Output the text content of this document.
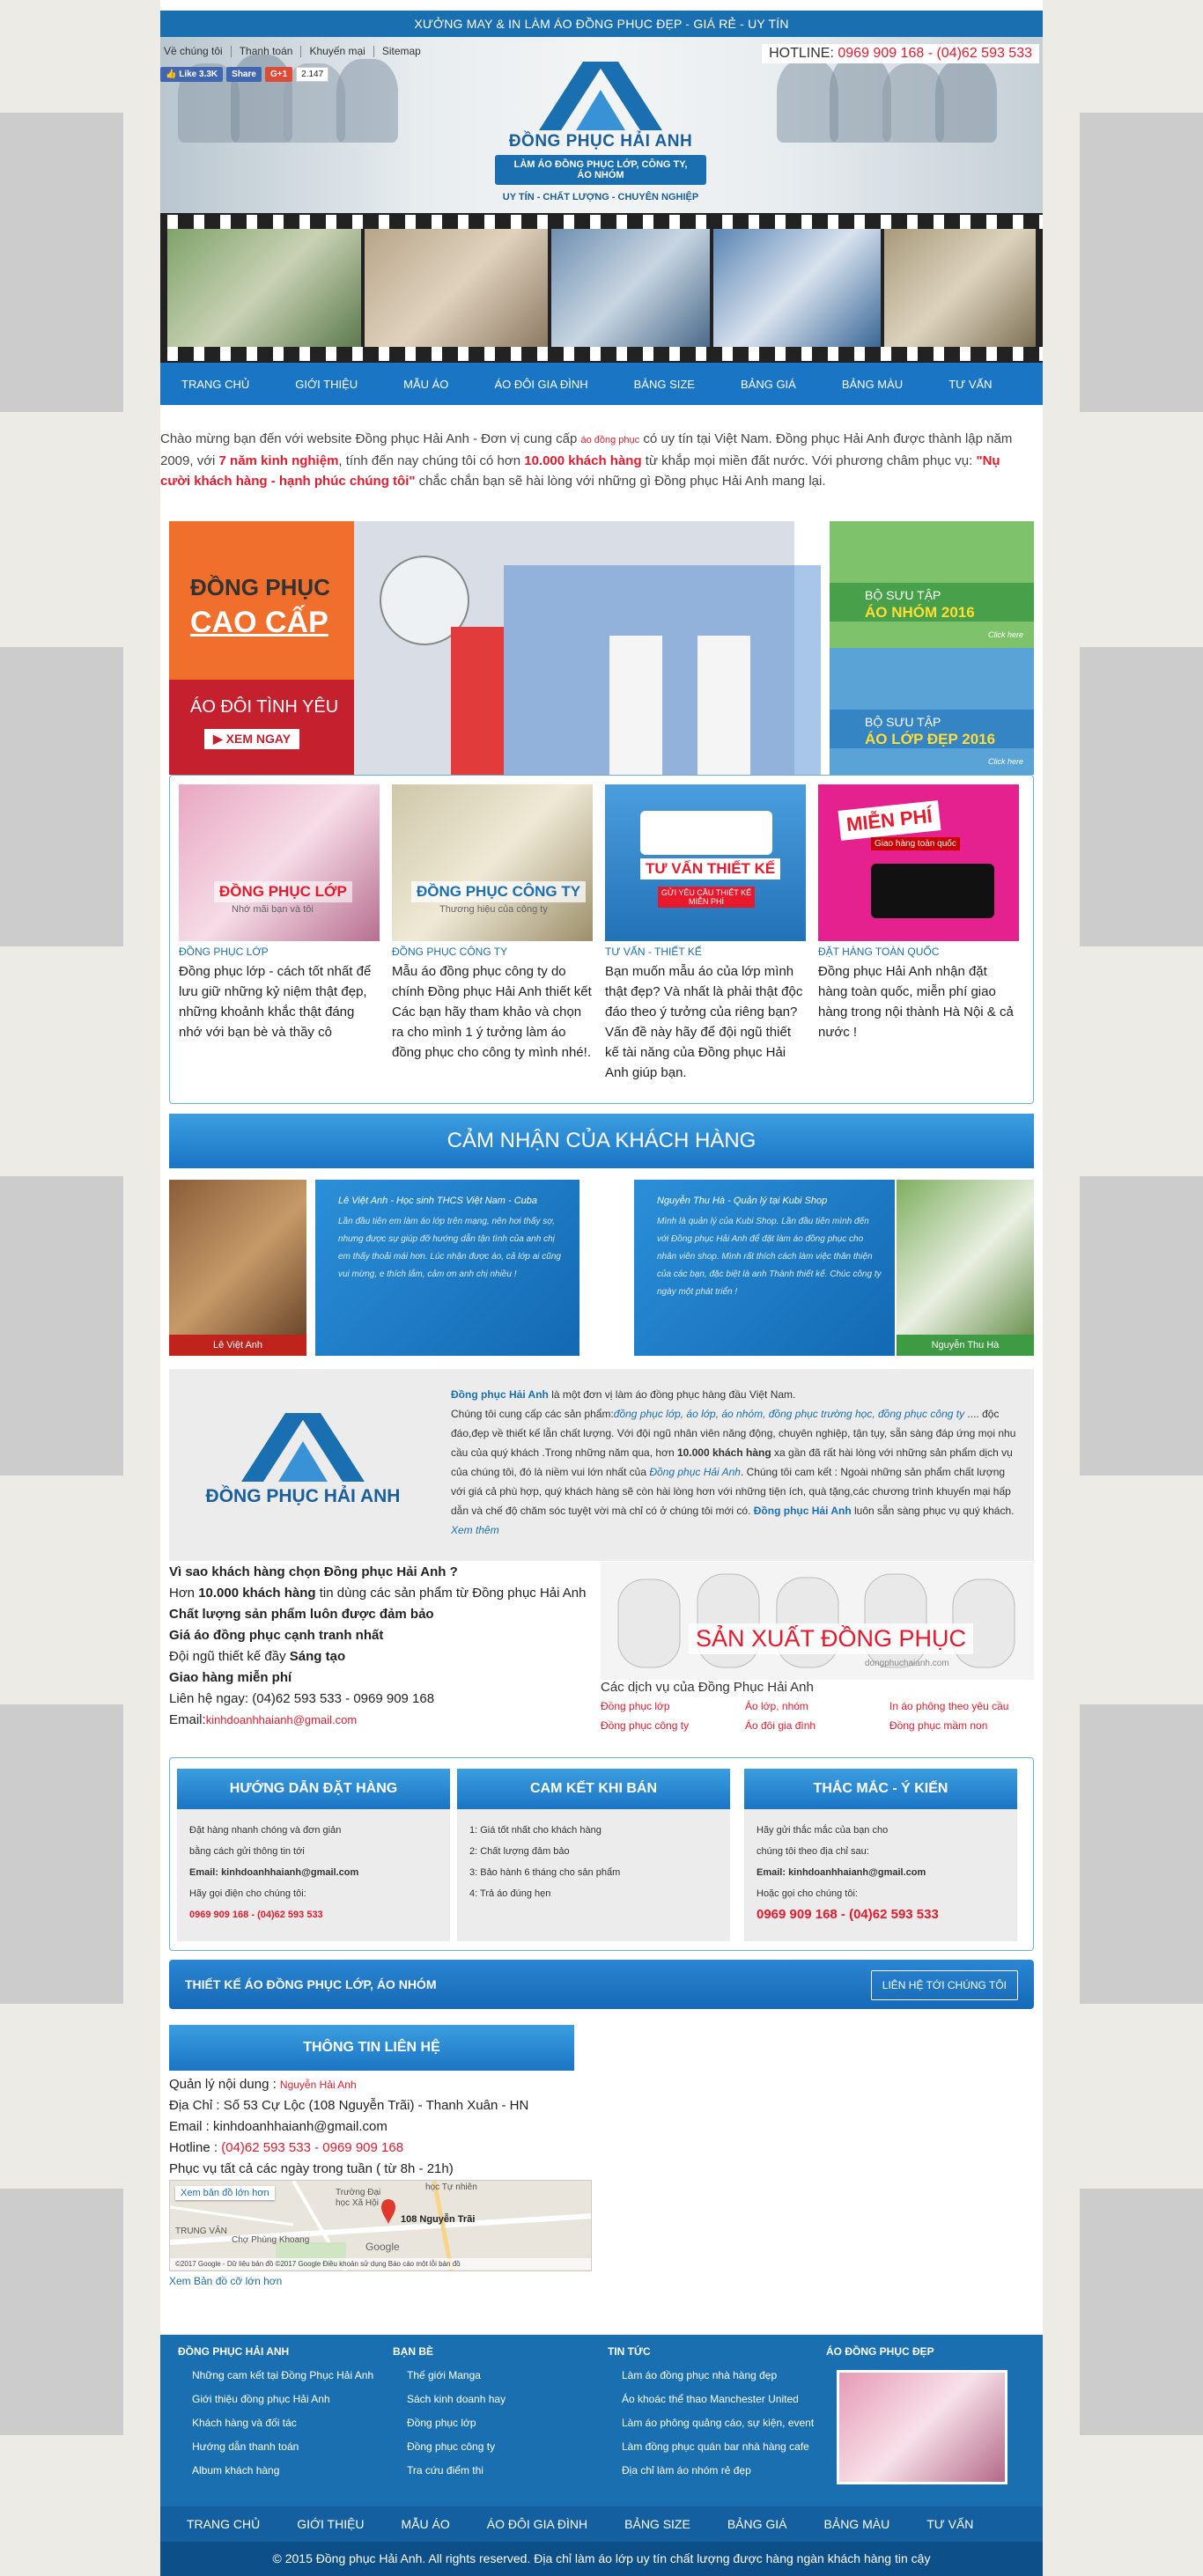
XƯỞNG MAY & IN LÀM ÁO ĐỒNG PHỤC ĐẸP - GIÁ RẺ - UY TÍN
Về chúng tôi	Thanh toán	Khuyến mại	Sitemap	HOTLINE: 0969 909 168 - (04)62 593 533
👍 Like 3.3K	Share	G+1	2.147
ĐỒNG PHỤC HẢI ANH
LÀM ÁO ĐỒNG PHỤC LỚP, CÔNG TY, ÁO NHÓM
UY TÍN - CHẤT LƯỢNG - CHUYÊN NGHIỆP
TRANG CHỦ	GIỚI THIỆU	MẪU ÁO	ÁO ĐÔI GIA ĐÌNH	BẢNG SIZE	BẢNG GIÁ	BẢNG MÀU	TƯ VẤN
Chào mừng bạn đến với website Đồng phục Hải Anh - Đơn vị cung cấp áo đồng phục có uy tín tại Việt Nam. Đồng phục Hải Anh được thành lập năm 2009, với 7 năm kinh nghiệm, tính đến nay chúng tôi có hơn 10.000 khách hàng từ khắp mọi miền đất nước. Với phương châm phục vụ: "Nụ cười khách hàng - hạnh phúc chúng tôi" chắc chắn bạn sẽ hài lòng với những gì Đồng phục Hải Anh mang lại.
ĐỒNG PHỤC
CAO CẤP
ÁO ĐÔI TÌNH YÊU
▶ XEM NGAY
BỘ SƯU TẬP
ÁO NHÓM 2016
Click here
BỘ SƯU TẬP
ÁO LỚP ĐẸP 2016
Click here
ĐỒNG PHỤC LỚP
Nhớ mãi bạn và tôi
ĐỒNG PHỤC LỚP
Đồng phục lớp - cách tốt nhất để lưu giữ những kỷ niệm thật đẹp, những khoảnh khắc thật đáng nhớ với bạn bè và thầy cô
ĐỒNG PHỤC CÔNG TY
Thương hiệu của công ty
ĐỒNG PHỤC CÔNG TY
Mẫu áo đồng phục công ty do chính Đồng phục Hải Anh thiết kết Các bạn hãy tham khảo và chọn ra cho mình 1 ý tưởng làm áo đồng phục cho công ty mình nhé!.
TƯ VẤN THIẾT KẾ
GỬI YÊU CẦU THIẾT KẾ MIỄN PHÍ
TƯ VẤN - THIẾT KẾ
Bạn muốn mẫu áo của lớp mình thật đẹp? Và nhất là phải thật độc đáo theo ý tưởng của riêng bạn? Vấn đề này hãy để đội ngũ thiết kế tài năng của Đồng phục Hải Anh giúp bạn.
MIỄN PHÍ
Giao hàng toàn quốc
ĐẶT HÀNG TOÀN QUỐC
Đồng phục Hải Anh nhận đặt hàng toàn quốc, miễn phí giao hàng trong nội thành Hà Nội & cả nước !
CẢM NHẬN CỦA KHÁCH HÀNG
Lê Việt Anh
Lê Việt Anh - Học sinh THCS Việt Nam - Cuba
Lần đầu tiên em làm áo lớp trên mạng, nên hơi thấy sợ, nhưng được sự giúp đỡ hướng dẫn tận tình của anh chị em thấy thoải mái hơn. Lúc nhận được áo, cả lớp ai cũng vui mừng, e thích lắm, cảm ơn anh chị nhiều !
Nguyễn Thu Hà - Quản lý tại Kubi Shop
Mình là quản lý của Kubi Shop. Lần đầu tiên mình đến với Đồng phục Hải Anh để đặt làm áo đồng phục cho nhân viên shop. Mình rất thích cách làm việc thân thiện của các bạn, đặc biệt là anh Thành thiết kế. Chúc công ty ngày một phát triển !
Nguyễn Thu Hà
ĐỒNG PHỤC HẢI ANH
Đồng phục Hải Anh là một đơn vị làm áo đồng phục hàng đầu Việt Nam.
Chúng tôi cung cấp các sản phẩm:đồng phục lớp, áo lớp, áo nhóm, đồng phục trường học, đồng phục công ty .... độc đáo,đẹp về thiết kế lẫn chất lượng. Với đội ngũ nhân viên năng động, chuyên nghiệp, tận tụy, sẵn sàng đáp ứng mọi nhu cầu của quý khách .Trong những năm qua, hơn 10.000 khách hàng xa gần đã rất hài lòng với những sản phẩm dịch vụ của chúng tôi, đó là niềm vui lớn nhất của Đồng phục Hải Anh. Chúng tôi cam kết : Ngoài những sản phẩm chất lượng với giá cả phù hợp, quý khách hàng sẽ còn hài lòng hơn với những tiện ích, quà tặng,các chương trình khuyến mại hấp dẫn và chế độ chăm sóc tuyệt vời mà chỉ có ở chúng tôi mới có. Đồng phục Hải Anh luôn sẵn sàng phục vụ quý khách. Xem thêm
Vì sao khách hàng chọn Đồng phục Hải Anh ?
Hơn 10.000 khách hàng tin dùng các sản phẩm từ Đồng phục Hải Anh
Chất lượng sản phẩm luôn được đảm bảo
Giá áo đồng phục cạnh tranh nhất
Đội ngũ thiết kế đầy Sáng tạo
Giao hàng miễn phí
Liên hệ ngay: (04)62 593 533 - 0969 909 168
Email:kinhdoanhhaianh@gmail.com
SẢN XUẤT ĐỒNG PHỤC
dongphuchaianh.com
Các dịch vụ của Đồng Phục Hải Anh
Đồng phục lớp	Áo lớp, nhóm	In áo phông theo yêu cầu
Đồng phục công ty	Áo đôi gia đình	Đồng phục mầm non
HƯỚNG DẪN ĐẶT HÀNG
Đặt hàng nhanh chóng và đơn giản
bằng cách gửi thông tin tới
Email: kinhdoanhhaianh@gmail.com
Hãy gọi điện cho chúng tôi:
0969 909 168 - (04)62 593 533
CAM KẾT KHI BÁN
1: Giá tốt nhất cho khách hàng
2: Chất lượng đảm bảo
3: Bảo hành 6 tháng cho sản phẩm
4: Trả áo đúng hẹn
THẮC MẮC - Ý KIẾN
Hãy gửi thắc mắc của bạn cho
chúng tôi theo địa chỉ sau:
Email: kinhdoanhhaianh@gmail.com
Hoặc gọi cho chúng tôi:
0969 909 168 - (04)62 593 533
THIẾT KẾ ÁO ĐỒNG PHỤC LỚP, ÁO NHÓM	LIÊN HỆ TỚI CHÚNG TÔI
THÔNG TIN LIÊN HỆ
Quản lý nội dung : Nguyễn Hải Anh
Địa Chỉ : Số 53 Cự Lộc (108 Nguyễn Trãi) - Thanh Xuân - HN
Email : kinhdoanhhaianh@gmail.com
Hotline : (04)62 593 533 - 0969 909 168
Phục vụ tất cả các ngày trong tuần ( từ 8h - 21h)
Xem bản đồ lớn hơn
108 Nguyễn Trãi
Trường Đại
học Xã Hội
học Tự nhiên
TRUNG VĂN
Chợ Phùng Khoang
Google
©2017 Google - Dữ liệu bản đồ ©2017 Google Điều khoản sử dụng Báo cáo một lỗi bản đồ
Xem Bản đồ cỡ lớn hơn
ĐỒNG PHỤC HẢI ANH
Những cam kết tại Đồng Phục Hải Anh
Giới thiệu đồng phục Hải Anh
Khách hàng và đối tác
Hướng dẫn thanh toán
Album khách hàng
BẠN BÈ
Thế giới Manga
Sách kinh doanh hay
Đồng phục lớp
Đồng phục công ty
Tra cứu điểm thi
TIN TỨC
Làm áo đồng phục nhà hàng đẹp
Áo khoác thể thao Manchester United
Làm áo phông quảng cáo, sự kiện, event
Làm đồng phục quán bar nhà hàng cafe
Địa chỉ làm áo nhóm rẻ đẹp
ÁO ĐỒNG PHỤC ĐẸP
TRANG CHỦ	GIỚI THIỆU	MẪU ÁO	ÁO ĐÔI GIA ĐÌNH	BẢNG SIZE	BẢNG GIÁ	BẢNG MÀU	TƯ VẤN
© 2015 Đồng phục Hải Anh. All rights reserved. Địa chỉ làm áo lớp uy tín chất lượng được hàng ngàn khách hàng tin cậy
